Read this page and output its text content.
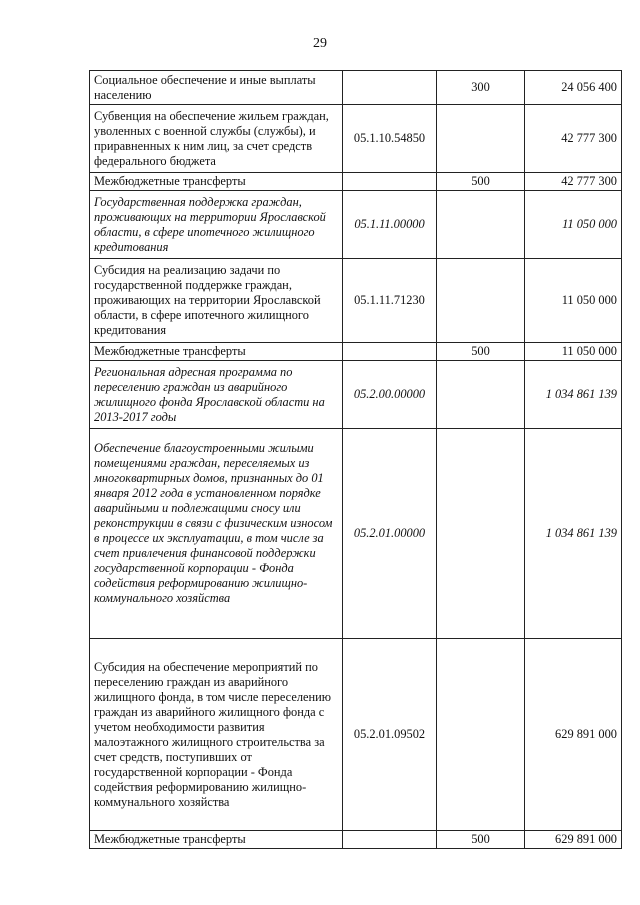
29
Социальное обеспечение и иные выплаты населению		300	24 056 400
Субвенция на обеспечение жильем граждан, уволенных с военной службы (службы), и приравненных к ним лиц, за счет средств федерального бюджета	05.1.10.54850		42 777 300
Межбюджетные трансферты		500	42 777 300
Государственная поддержка граждан, проживающих на территории Ярославской области, в сфере ипотечного жилищного кредитования	05.1.11.00000		11 050 000
Субсидия на реализацию задачи по государственной поддержке граждан, проживающих на территории Ярославской области, в сфере ипотечного жилищного кредитования	05.1.11.71230		11 050 000
Межбюджетные трансферты		500	11 050 000
Региональная адресная программа по переселению граждан из аварийного жилищного фонда Ярославской области на 2013-2017 годы	05.2.00.00000		1 034 861 139
Обеспечение благоустроенными жилыми помещениями граждан, переселяемых из многоквартирных домов, признанных до 01 января 2012 года в установленном порядке аварийными и подлежащими сносу или реконструкции в связи с физическим износом в процессе их эксплуатации, в том числе за счет привлечения финансовой поддержки государственной корпорации - Фонда содействия реформированию жилищно-коммунального хозяйства	05.2.01.00000		1 034 861 139
Субсидия на обеспечение мероприятий по переселению граждан из аварийного жилищного фонда, в том числе переселению граждан из аварийного жилищного фонда с учетом необходимости развития малоэтажного жилищного строительства за счет средств, поступивших от государственной корпорации - Фонда содействия реформированию жилищно-коммунального хозяйства	05.2.01.09502		629 891 000
Межбюджетные трансферты		500	629 891 000
